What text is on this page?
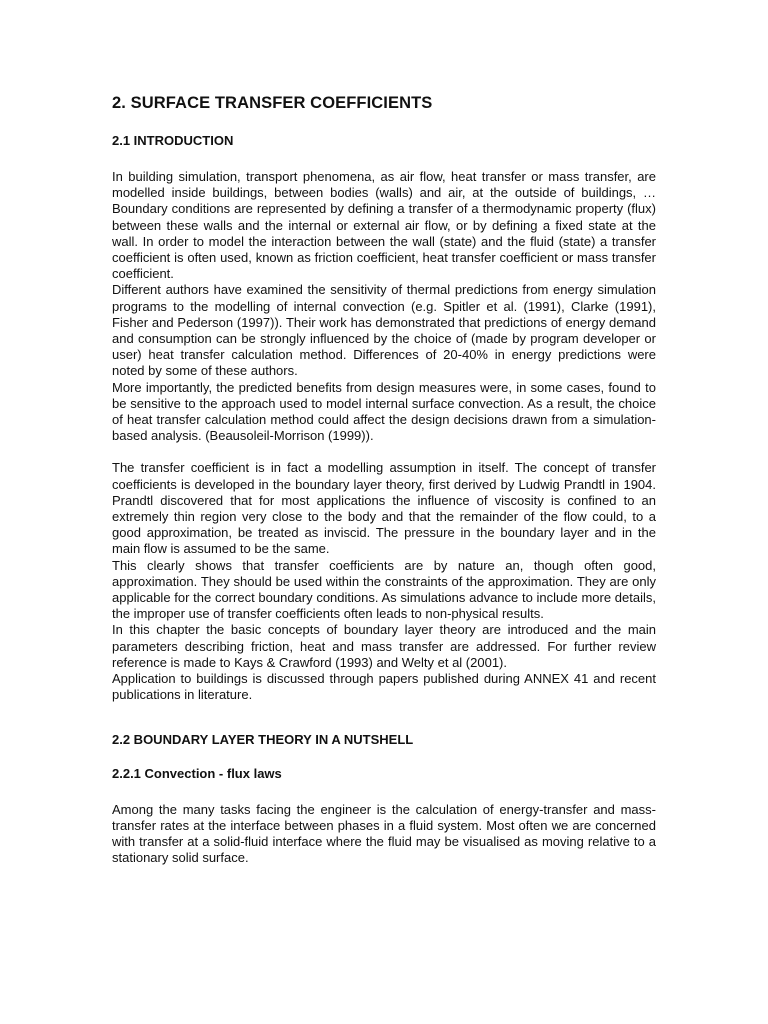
2. SURFACE TRANSFER COEFFICIENTS
2.1 INTRODUCTION

In building simulation, transport phenomena, as air flow, heat transfer or mass transfer, are modelled inside buildings, between bodies (walls) and air, at the outside of buildings, … Boundary conditions are represented by defining a transfer of a thermodynamic property (flux) between these walls and the internal or external air flow, or by defining a fixed state at the wall. In order to model the interaction between the wall (state) and the fluid (state) a transfer coefficient is often used, known as friction coefficient, heat transfer coefficient or mass transfer coefficient.

Different authors have examined the sensitivity of thermal predictions from energy simulation programs to the modelling of internal convection (e.g. Spitler et al. (1991), Clarke (1991), Fisher and Pederson (1997)). Their work has demonstrated that predictions of energy demand and consumption can be strongly influenced by the choice of (made by program developer or user) heat transfer calculation method. Differences of 20-40% in energy predictions were noted by some of these authors.

More importantly, the predicted benefits from design measures were, in some cases, found to be sensitive to the approach used to model internal surface convection. As a result, the choice of heat transfer calculation method could affect the design decisions drawn from a simulation-based analysis. (Beausoleil-Morrison (1999)).

The transfer coefficient is in fact a modelling assumption in itself. The concept of transfer coefficients is developed in the boundary layer theory, first derived by Ludwig Prandtl in 1904. Prandtl discovered that for most applications the influence of viscosity is confined to an extremely thin region very close to the body and that the remainder of the flow could, to a good approximation, be treated as inviscid. The pressure in the boundary layer and in the main flow is assumed to be the same.

This clearly shows that transfer coefficients are by nature an, though often good, approximation. They should be used within the constraints of the approximation. They are only applicable for the correct boundary conditions. As simulations advance to include more details, the improper use of transfer coefficients often leads to non-physical results.

In this chapter the basic concepts of boundary layer theory are introduced and the main parameters describing friction, heat and mass transfer are addressed. For further review reference is made to Kays & Crawford (1993) and Welty et al (2001).

Application to buildings is discussed through papers published during ANNEX 41 and recent publications in literature.

2.2 BOUNDARY LAYER THEORY IN A NUTSHELL
2.2.1 Convection - flux laws

Among the many tasks facing the engineer is the calculation of energy-transfer and mass-transfer rates at the interface between phases in a fluid system. Most often we are concerned with transfer at a solid-fluid interface where the fluid may be visualised as moving relative to a stationary solid surface.
